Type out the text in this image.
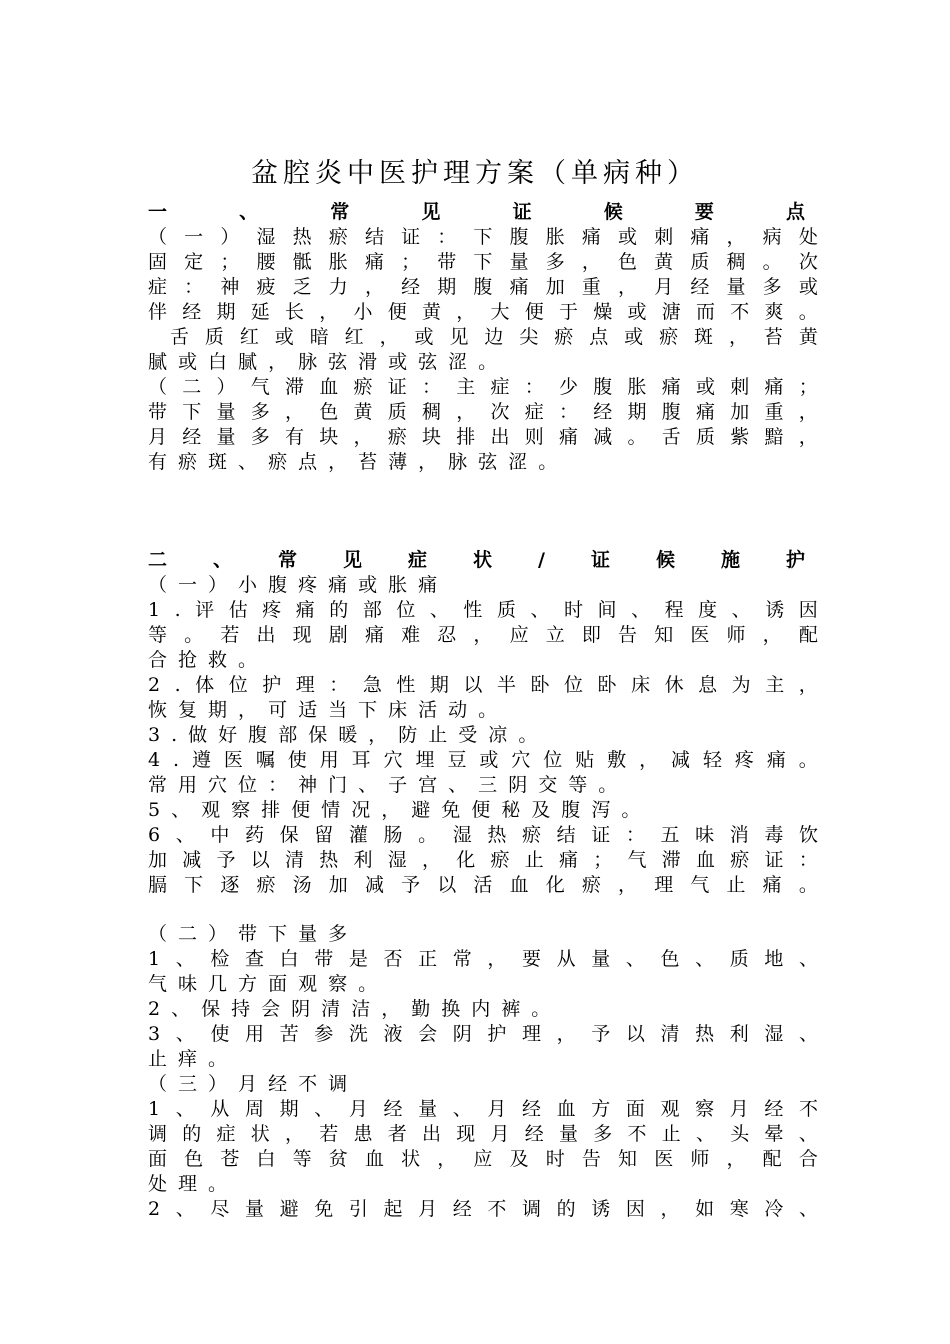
盆腔炎中医护理方案（单病种）
一	、	常	见	证	候	要	点
（ 一 ） 湿 热 瘀 结 证 ： 下 腹 胀 痛 或 刺 痛 ， 病 处
固 定 ； 腰 骶 胀 痛 ； 带 下 量 多 ， 色 黄 质 稠 。 次
症 ： 神 疲 乏 力 ， 经 期 腹 痛 加 重 ， 月 经 量 多 或
伴 经 期 延 长 ， 小 便 黄 ， 大 便 于 燥 或 溏 而 不 爽 。

舌 质 红 或 暗 红 ， 或 见 边 尖 瘀 点 或 瘀 斑 ， 苔 黄
腻 或 白 腻 ， 脉 弦 滑 或 弦 涩 。
（ 二 ） 气 滞 血 瘀 证 ： 主 症 ： 少 腹 胀 痛 或 刺 痛 ；
带 下 量 多 ， 色 黄 质 稠 ， 次 症 ： 经 期 腹 痛 加 重 ，
月 经 量 多 有 块 ， 瘀 块 排 出 则 痛 减 。 舌 质 紫 黯 ，
有 瘀 斑 、 瘀 点 ， 苔 薄 ， 脉 弦 涩 。
二 、 常 见 症 状 / 证 候 施 护
（ 一 ） 小 腹 疼 痛 或 胀 痛
1 . 评 估 疼 痛 的 部 位 、 性 质 、 时 间 、 程 度 、 诱 因
等 。 若 出 现 剧 痛 难 忍 ， 应 立 即 告 知 医 师 ， 配
合 抢 救 。
2 . 体 位 护 理 ： 急 性 期 以 半 卧 位 卧 床 休 息 为 主 ，
恢 复 期 ， 可 适 当 下 床 活 动 。
3 . 做 好 腹 部 保 暖 ， 防 止 受 凉 。
4 . 遵 医 嘱 使 用 耳 穴 埋 豆 或 穴 位 贴 敷 ， 减 轻 疼 痛 。
常 用 穴 位 ： 神 门 、 子 宫 、 三 阴 交 等 。
5 、 观 察 排 便 情 况 ， 避 免 便 秘 及 腹 泻 。
6 、 中 药 保 留 灌 肠 。 湿 热 瘀 结 证 ： 五 味 消 毒 饮
加 减 予 以 清 热 利 湿 ， 化 瘀 止 痛 ； 气 滞 血 瘀 证 ：
膈 下 逐 瘀 汤 加 减 予 以 活 血 化 瘀 ， 理 气 止 痛 。
（ 二 ） 带 下 量 多
1 、 检 查 白 带 是 否 正 常 ， 要 从 量 、 色 、 质 地 、
气 味 几 方 面 观 察 。
2 、 保 持 会 阴 清 洁 ， 勤 换 内 裤 。
3 、 使 用 苦 参 洗 液 会 阴 护 理 ， 予 以 清 热 利 湿 、
止 痒 。
（ 三 ） 月 经 不 调
1 、 从 周 期 、 月 经 量 、 月 经 血 方 面 观 察 月 经 不
调 的 症 状 ， 若 患 者 出 现 月 经 量 多 不 止 、 头 晕 、
面 色 苍 白 等 贫 血 状 ， 应 及 时 告 知 医 师 ， 配 合
处 理 。
2 、 尽 量 避 免 引 起 月 经 不 调 的 诱 因 ， 如 寒 冷 、
